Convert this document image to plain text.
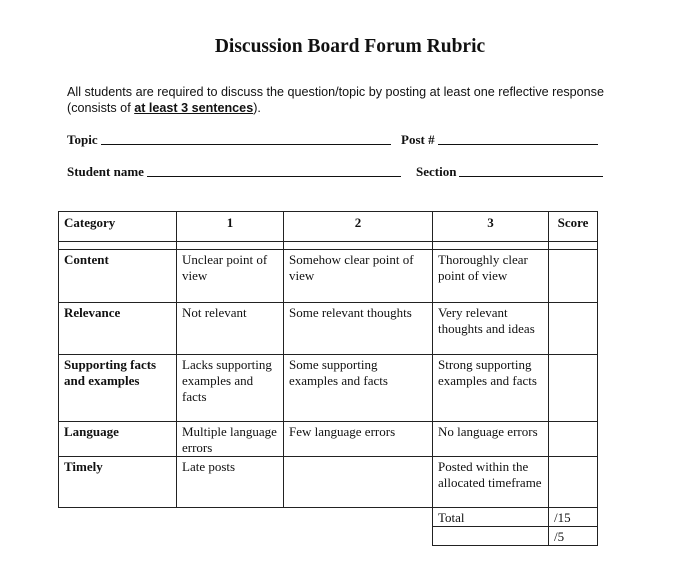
Discussion Board Forum Rubric
All students are required to discuss the question/topic by posting at least one reflective response (consists of at least 3 sentences).
Topic	Post #
Student name	Section
Category	1	2	3	Score

Content	Unclear point of view	Somehow clear point of view	Thoroughly clear point of view	
Relevance	Not relevant	Some relevant thoughts	Very relevant thoughts and ideas	
Supporting facts and examples	Lacks supporting examples and facts	Some supporting examples and facts	Strong supporting examples and facts	
Language	Multiple language errors	Few language errors	No language errors	
Timely	Late posts		Posted within the allocated timeframe	
			Total	/15
				/5
